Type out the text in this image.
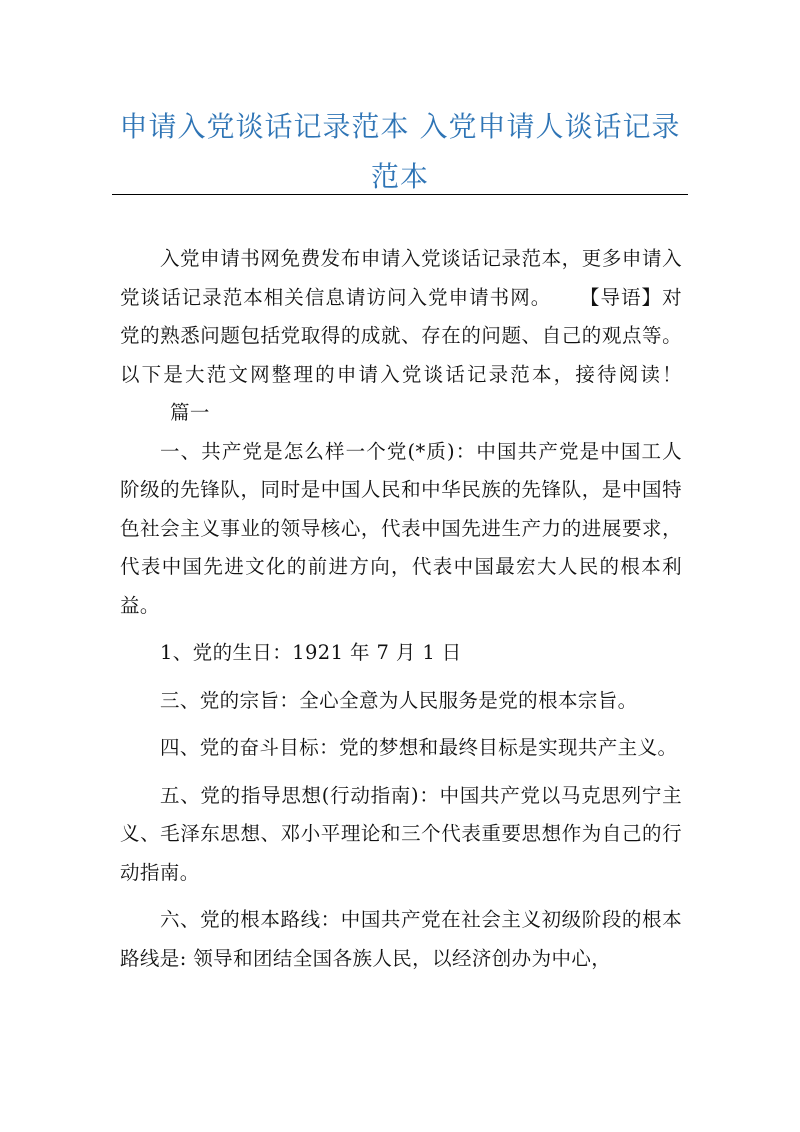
申请入党谈话记录范本 入党申请人谈话记录范本

入党申请书网免费发布申请入党谈话记录范本，更多申请入党谈话记录范本相关信息请访问入党申请书网。 【导语】对党的熟悉问题包括党取得的成就、存在的问题、自己的观点等。以下是大范文网整理的申请入党谈话记录范本，接待阅读！篇一

一、共产党是怎么样一个党(*质)：中国共产党是中国工人阶级的先锋队，同时是中国人民和中华民族的先锋队，是中国特色社会主义事业的领导核心，代表中国先进生产力的进展要求，代表中国先进文化的前进方向，代表中国最宏大人民的根本利益。

1、党的生日：1921 年 7 月 1 日

三、党的宗旨：全心全意为人民服务是党的根本宗旨。

四、党的奋斗目标：党的梦想和最终目标是实现共产主义。

五、党的指导思想(行动指南)：中国共产党以马克思列宁主义、毛泽东思想、邓小平理论和三个代表重要思想作为自己的行动指南。

六、党的根本路线：中国共产党在社会主义初级阶段的根本路线是: 领导和团结全国各族人民，以经济创办为中心，
